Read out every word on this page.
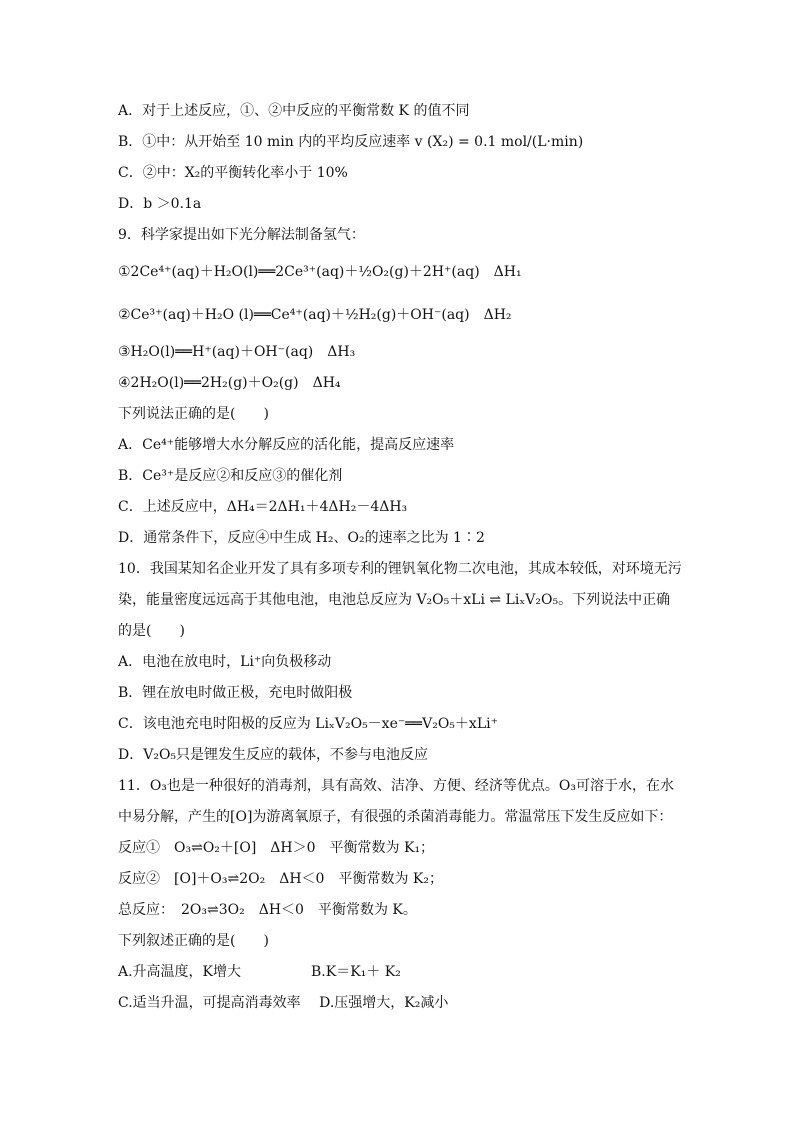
A．对于上述反应，①、②中反应的平衡常数 K 的值不同
B．①中：从开始至 10 min 内的平均反应速率 v (X₂) = 0.1 mol/(L·min)
C．②中：X₂的平衡转化率小于 10%
D．b ＞0.1a
9．科学家提出如下光分解法制备氢气：
①2Ce⁴⁺(aq)＋H₂O(l)══2Ce³⁺(aq)＋½O₂(g)＋2H⁺(aq)　ΔH₁
②Ce³⁺(aq)＋H₂O (l)══Ce⁴⁺(aq)＋½H₂(g)＋OH⁻(aq)　ΔH₂
③H₂O(l)══H⁺(aq)＋OH⁻(aq)　ΔH₃
④2H₂O(l)══2H₂(g)＋O₂(g)　ΔH₄
下列说法正确的是(　　)
A．Ce⁴⁺能够增大水分解反应的活化能，提高反应速率
B．Ce³⁺是反应②和反应③的催化剂
C．上述反应中，ΔH₄＝2ΔH₁＋4ΔH₂－4ΔH₃
D．通常条件下，反应④中生成 H₂、O₂的速率之比为 1∶2
10．我国某知名企业开发了具有多项专利的锂钒氧化物二次电池，其成本较低，对环境无污
染，能量密度远远高于其他电池，电池总反应为 V₂O₅＋xLi ⇌ LiₓV₂O₅。下列说法中正确
的是(　　)
A．电池在放电时，Li⁺向负极移动
B．锂在放电时做正极，充电时做阳极
C．该电池充电时阳极的反应为 LiₓV₂O₅－xe⁻══V₂O₅＋xLi⁺
D．V₂O₅只是锂发生反应的载体，不参与电池反应
11．O₃也是一种很好的消毒剂，具有高效、洁净、方便、经济等优点。O₃可溶于水，在水
中易分解，产生的[O]为游离氧原子，有很强的杀菌消毒能力。常温常压下发生反应如下：
反应①　O₃⇌O₂＋[O]　ΔH＞0　平衡常数为 K₁；
反应②　[O]＋O₃⇌2O₂　ΔH＜0　平衡常数为 K₂；
总反应：　2O₃⇌3O₂　ΔH＜0　平衡常数为 K。
下列叙述正确的是(　　)
A.升高温度，K增大　　　　　B.K＝K₁＋ K₂
C.适当升温，可提高消毒效率　 D.压强增大，K₂减小
